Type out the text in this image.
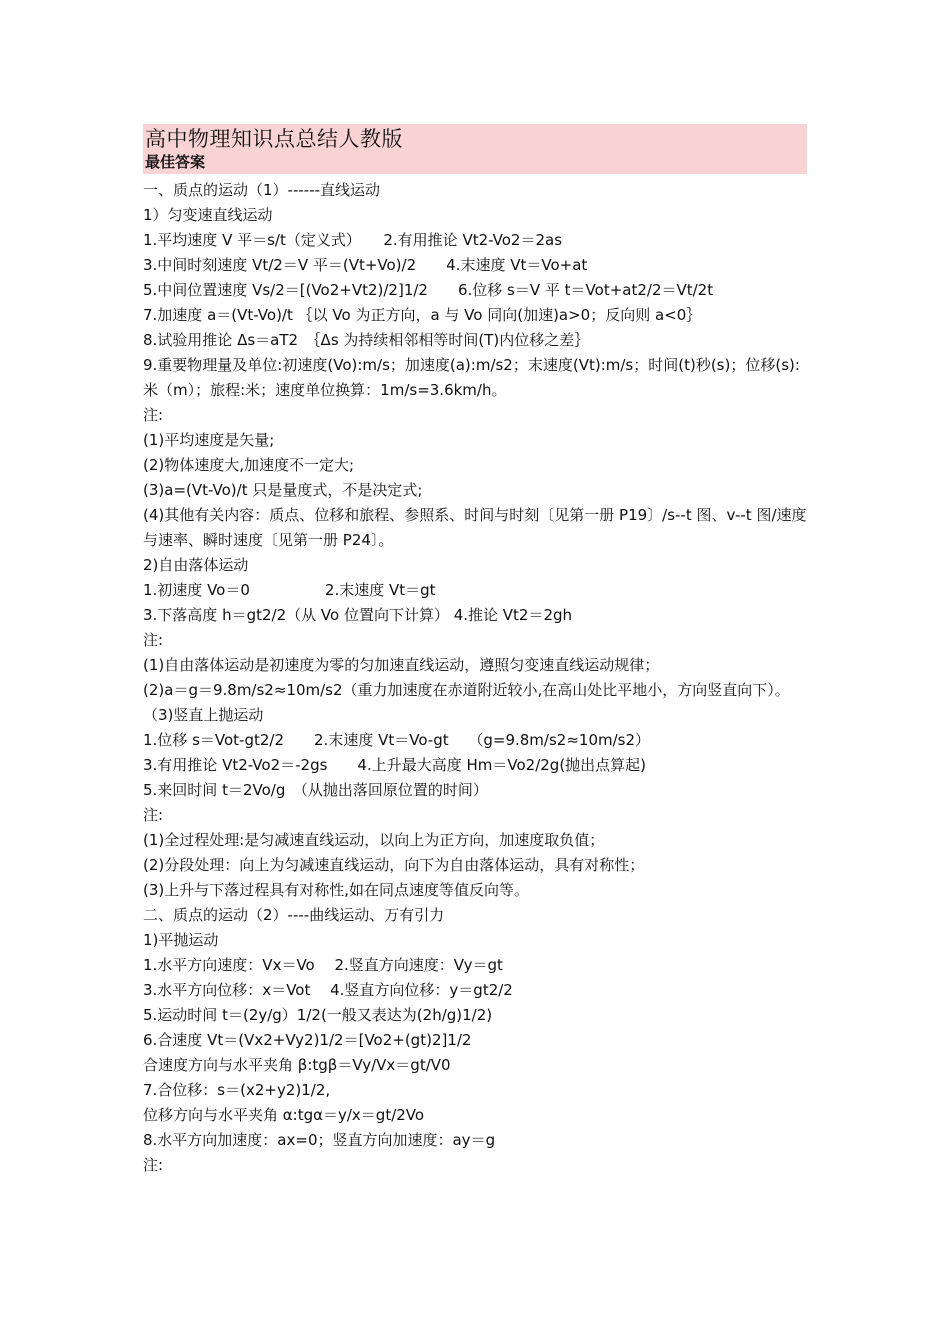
高中物理知识点总结人教版
最佳答案
一、质点的运动（1）------直线运动
1）匀变速直线运动
1.平均速度 V 平＝s/t（定义式）　　2.有用推论 Vt2-Vo2＝2as
3.中间时刻速度 Vt/2＝V 平＝(Vt+Vo)/2　　4.末速度 Vt＝Vo+at
5.中间位置速度 Vs/2＝[(Vo2+Vt2)/2]1/2　　6.位移 s＝V 平 t＝Vot+at2/2＝Vt/2t
7.加速度 a＝(Vt-Vo)/t ｛以 Vo 为正方向，a 与 Vo 同向(加速)a>0；反向则 a<0｝
8.试验用推论 Δs＝aT2　｛Δs 为持续相邻相等时间(T)内位移之差｝
9.重要物理量及单位:初速度(Vo):m/s；加速度(a):m/s2；末速度(Vt):m/s；时间(t)秒(s)；位移(s):米（m）；旅程:米；速度单位换算：1m/s=3.6km/h。
注:
(1)平均速度是矢量;
(2)物体速度大,加速度不一定大;
(3)a=(Vt-Vo)/t 只是量度式，不是决定式;
(4)其他有关内容：质点、位移和旅程、参照系、时间与时刻〔见第一册 P19〕/s--t 图、v--t 图/速度与速率、瞬时速度〔见第一册 P24〕。
2)自由落体运动
1.初速度 Vo＝0　　　　　2.末速度 Vt＝gt
3.下落高度 h＝gt2/2（从 Vo 位置向下计算） 4.推论 Vt2＝2gh
注:
(1)自由落体运动是初速度为零的匀加速直线运动，遵照匀变速直线运动规律；
(2)a＝g＝9.8m/s2≈10m/s2（重力加速度在赤道附近较小,在高山处比平地小，方向竖直向下）。
（3)竖直上抛运动
1.位移 s＝Vot-gt2/2　　2.末速度 Vt＝Vo-gt　 （g=9.8m/s2≈10m/s2）
3.有用推论 Vt2-Vo2＝-2gs　　4.上升最大高度 Hm＝Vo2/2g(抛出点算起)
5.来回时间 t＝2Vo/g　（从抛出落回原位置的时间）
注:
(1)全过程处理:是匀减速直线运动，以向上为正方向，加速度取负值；
(2)分段处理：向上为匀减速直线运动，向下为自由落体运动，具有对称性；
(3)上升与下落过程具有对称性,如在同点速度等值反向等。
二、质点的运动（2）----曲线运动、万有引力
1)平抛运动
1.水平方向速度：Vx＝Vo　 2.竖直方向速度：Vy＝gt
3.水平方向位移：x＝Vot　 4.竖直方向位移：y＝gt2/2
5.运动时间 t＝(2y/g）1/2(一般又表达为(2h/g)1/2)
6.合速度 Vt＝(Vx2+Vy2)1/2＝[Vo2+(gt)2]1/2
合速度方向与水平夹角 β:tgβ＝Vy/Vx＝gt/V0
7.合位移：s＝(x2+y2)1/2,
位移方向与水平夹角 α:tgα＝y/x＝gt/2Vo
8.水平方向加速度：ax=0；竖直方向加速度：ay＝g
注:
